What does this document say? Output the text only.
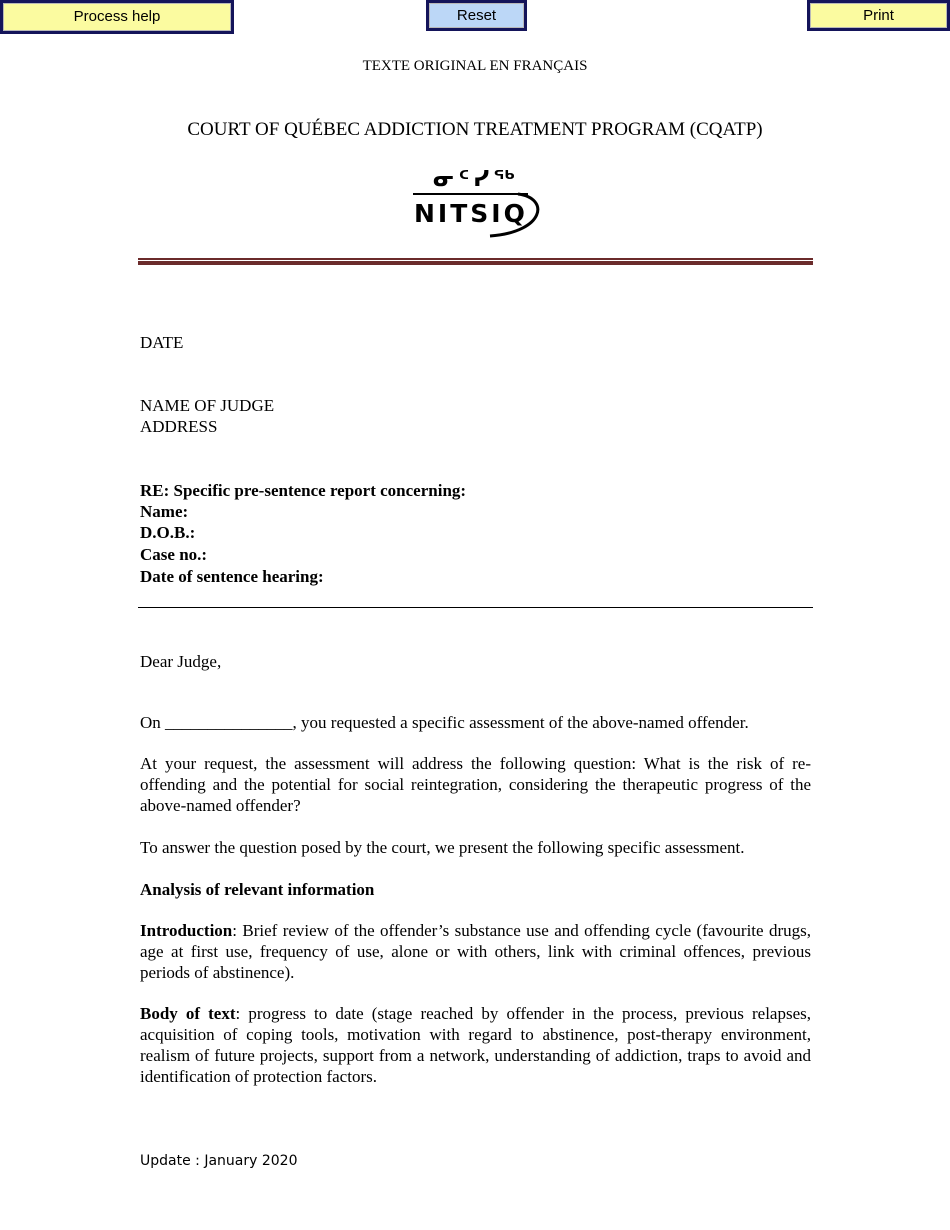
Process help	Reset	Print
TEXTE ORIGINAL EN FRANÇAIS
COURT OF QUÉBEC ADDICTION TREATMENT PROGRAM (CQATP)
ᓂᑦᓯᖅ
NITSIQ
DATE
NAME OF JUDGE
ADDRESS
RE: Specific pre-sentence report concerning:
Name:
D.O.B.:
Case no.:
Date of sentence hearing:
Dear Judge,
On _______________, you requested a specific assessment of the above-named offender.
At your request, the assessment will address the following question: What is the risk of re-offending and the potential for social reintegration, considering the therapeutic progress of the above-named offender?
To answer the question posed by the court, we present the following specific assessment.
Analysis of relevant information
Introduction: Brief review of the offender’s substance use and offending cycle (favourite drugs, age at first use, frequency of use, alone or with others, link with criminal offences, previous periods of abstinence).
Body of text: progress to date (stage reached by offender in the process, previous relapses, acquisition of coping tools, motivation with regard to abstinence, post-therapy environment, realism of future projects, support from a network, understanding of addiction, traps to avoid and identification of protection factors.
Update : January 2020
